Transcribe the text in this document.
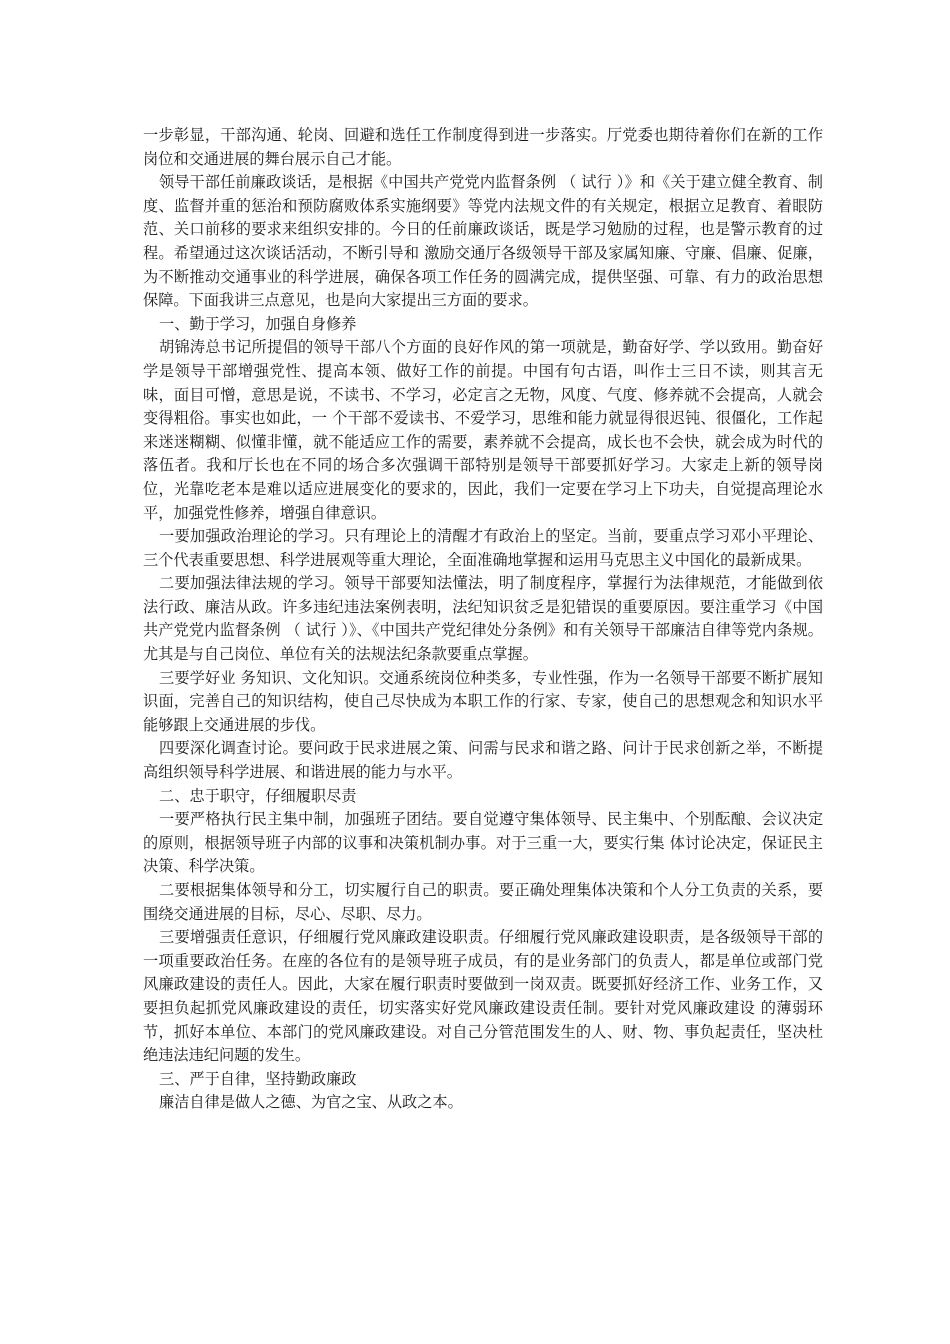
一步彰显，干部沟通、轮岗、回避和选任工作制度得到进一步落实。厅党委也期待着你们在新的工作岗位和交通进展的舞台展示自己才能。

领导干部任前廉政谈话，是根据《中国共产党党内监督条例 （ 试行 ）》和《关于建立健全教育、制度、监督并重的惩治和预防腐败体系实施纲要》等党内法规文件的有关规定，根据立足教育、着眼防范、关口前移的要求来组织安排的。今日的任前廉政谈话，既是学习勉励的过程，也是警示教育的过程。希望通过这次谈话活动，不断引导和 激励交通厅各级领导干部及家属知廉、守廉、倡廉、促廉，为不断推动交通事业的科学进展，确保各项工作任务的圆满完成，提供坚强、可靠、有力的政治思想保障。下面我讲三点意见，也是向大家提出三方面的要求。

一、勤于学习，加强自身修养

胡锦涛总书记所提倡的领导干部八个方面的良好作风的第一项就是，勤奋好学、学以致用。勤奋好学是领导干部增强党性、提高本领、做好工作的前提。中国有句古语，叫作士三日不读，则其言无味，面目可憎，意思是说，不读书、不学习，必定言之无物，风度、气度、修养就不会提高，人就会变得粗俗。事实也如此，一 个干部不爱读书、不爱学习，思维和能力就显得很迟钝、很僵化，工作起来迷迷糊糊、似懂非懂，就不能适应工作的需要，素养就不会提高，成长也不会快，就会成为时代的落伍者。我和厅长也在不同的场合多次强调干部特别是领导干部要抓好学习。大家走上新的领导岗位，光靠吃老本是难以适应进展变化的要求的，因此，我们一定要在学习上下功夫，自觉提高理论水平，加强党性修养，增强自律意识。

一要加强政治理论的学习。只有理论上的清醒才有政治上的坚定。当前，要重点学习邓小平理论、三个代表重要思想、科学进展观等重大理论，全面准确地掌握和运用马克思主义中国化的最新成果。

二要加强法律法规的学习。领导干部要知法懂法，明了制度程序，掌握行为法律规范，才能做到依法行政、廉洁从政。许多违纪违法案例表明，法纪知识贫乏是犯错误的重要原因。要注重学习《中国共产党党内监督条例 （ 试行 ）》、《中国共产党纪律处分条例》和有关领导干部廉洁自律等党内条规。尤其是与自己岗位、单位有关的法规法纪条款要重点掌握。

三要学好业 务知识、文化知识。交通系统岗位种类多，专业性强，作为一名领导干部要不断扩展知识面，完善自己的知识结构，使自己尽快成为本职工作的行家、专家，使自己的思想观念和知识水平能够跟上交通进展的步伐。

四要深化调查讨论。要问政于民求进展之策、问需与民求和谐之路、问计于民求创新之举，不断提高组织领导科学进展、和谐进展的能力与水平。

二、忠于职守，仔细履职尽责

一要严格执行民主集中制，加强班子团结。要自觉遵守集体领导、民主集中、个别酝酿、会议决定的原则，根据领导班子内部的议事和决策机制办事。对于三重一大，要实行集 体讨论决定，保证民主决策、科学决策。

二要根据集体领导和分工，切实履行自己的职责。要正确处理集体决策和个人分工负责的关系，要围绕交通进展的目标，尽心、尽职、尽力。

三要增强责任意识，仔细履行党风廉政建设职责。仔细履行党风廉政建设职责，是各级领导干部的一项重要政治任务。在座的各位有的是领导班子成员，有的是业务部门的负责人，都是单位或部门党风廉政建设的责任人。因此，大家在履行职责时要做到一岗双责。既要抓好经济工作、业务工作，又要担负起抓党风廉政建设的责任，切实落实好党风廉政建设责任制。要针对党风廉政建设 的薄弱环节，抓好本单位、本部门的党风廉政建设。对自己分管范围发生的人、财、物、事负起责任，坚决杜绝违法违纪问题的发生。

三、严于自律，坚持勤政廉政

廉洁自律是做人之德、为官之宝、从政之本。
